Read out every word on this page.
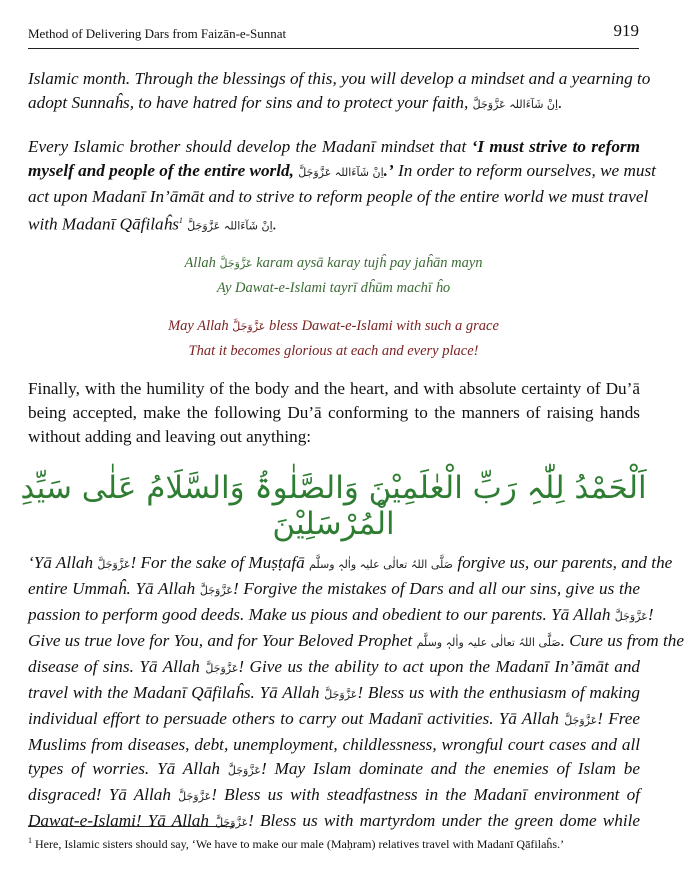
Method of Delivering Dars from Faizān-e-Sunnat	919
Islamic month. Through the blessings of this, you will develop a mindset and a yearning to
adopt Sunnaĥs, to have hatred for sins and to protect your faith, اِنْ شَآءَاللہ عَزَّوَجَلَّ.
Every Islamic brother should develop the Madanī mindset that ‘I must strive to reform
myself and people of the entire world, اِنْ شَآءَاللہ عَزَّوَجَلَّ.’ In order to reform ourselves, we must
act upon Madanī In’āmāt and to strive to reform people of the entire world we must travel
with Madanī Qāfilaĥs$^1$ اِنْ شَآءَاللہ عَزَّوَجَلَّ.
Allah عَزَّوَجَلَّ karam aysā karay tujĥ pay jaĥān mayn
Ay Dawat-e-Islami tayrī dĥūm machī ĥo
May Allah عَزَّوَجَلَّ bless Dawat-e-Islami with such a grace
That it becomes glorious at each and every place!
Finally, with the humility of the body and the heart, and with absolute certainty of Du’ā
being accepted, make the following Du’ā conforming to the manners of raising hands
without adding and leaving out anything:
اَلْحَمْدُ لِلّٰہِ رَبِّ الْعٰلَمِیْنَ وَالصَّلٰوۃُ وَالسَّلَامُ عَلٰی سَیِّدِ الْمُرْسَلِیْنَ
‘Yā Allah عَزَّوَجَلَّ! For the sake of Muṣṭafā صَلَّی اللہُ تعالٰی علیہ واٰلہٖ وسلَّم forgive us, our parents, and the
entire Ummaĥ. Yā Allah عَزَّوَجَلَّ! Forgive the mistakes of Dars and all our sins, give us the
passion to perform good deeds. Make us pious and obedient to our parents. Yā Allah عَزَّوَجَلَّ!
Give us true love for You, and for Your Beloved Prophet صَلَّی اللہُ تعالٰی علیہ واٰلہٖ وسلَّم. Cure us from the
disease of sins. Yā Allah عَزَّوَجَلَّ! Give us the ability to act upon the Madanī In’āmāt and
travel with the Madanī Qāfilaĥs. Yā Allah عَزَّوَجَلَّ! Bless us with the enthusiasm of making
individual effort to persuade others to carry out Madanī activities. Yā Allah عَزَّوَجَلَّ! Free
Muslims from diseases, debt, unemployment, childlessness, wrongful court cases and all
types of worries. Yā Allah عَزَّوَجَلَّ! May Islam dominate and the enemies of Islam be
disgraced! Yā Allah عَزَّوَجَلَّ! Bless us with steadfastness in the Madanī environment of
Dawat-e-Islami! Yā Allah عَزَّوَجَلَّ! Bless us with martyrdom under the green dome while
$^1$ Here, Islamic sisters should say, ‘We have to make our male (Maḥram) relatives travel with Madanī Qāfilaĥs.’
